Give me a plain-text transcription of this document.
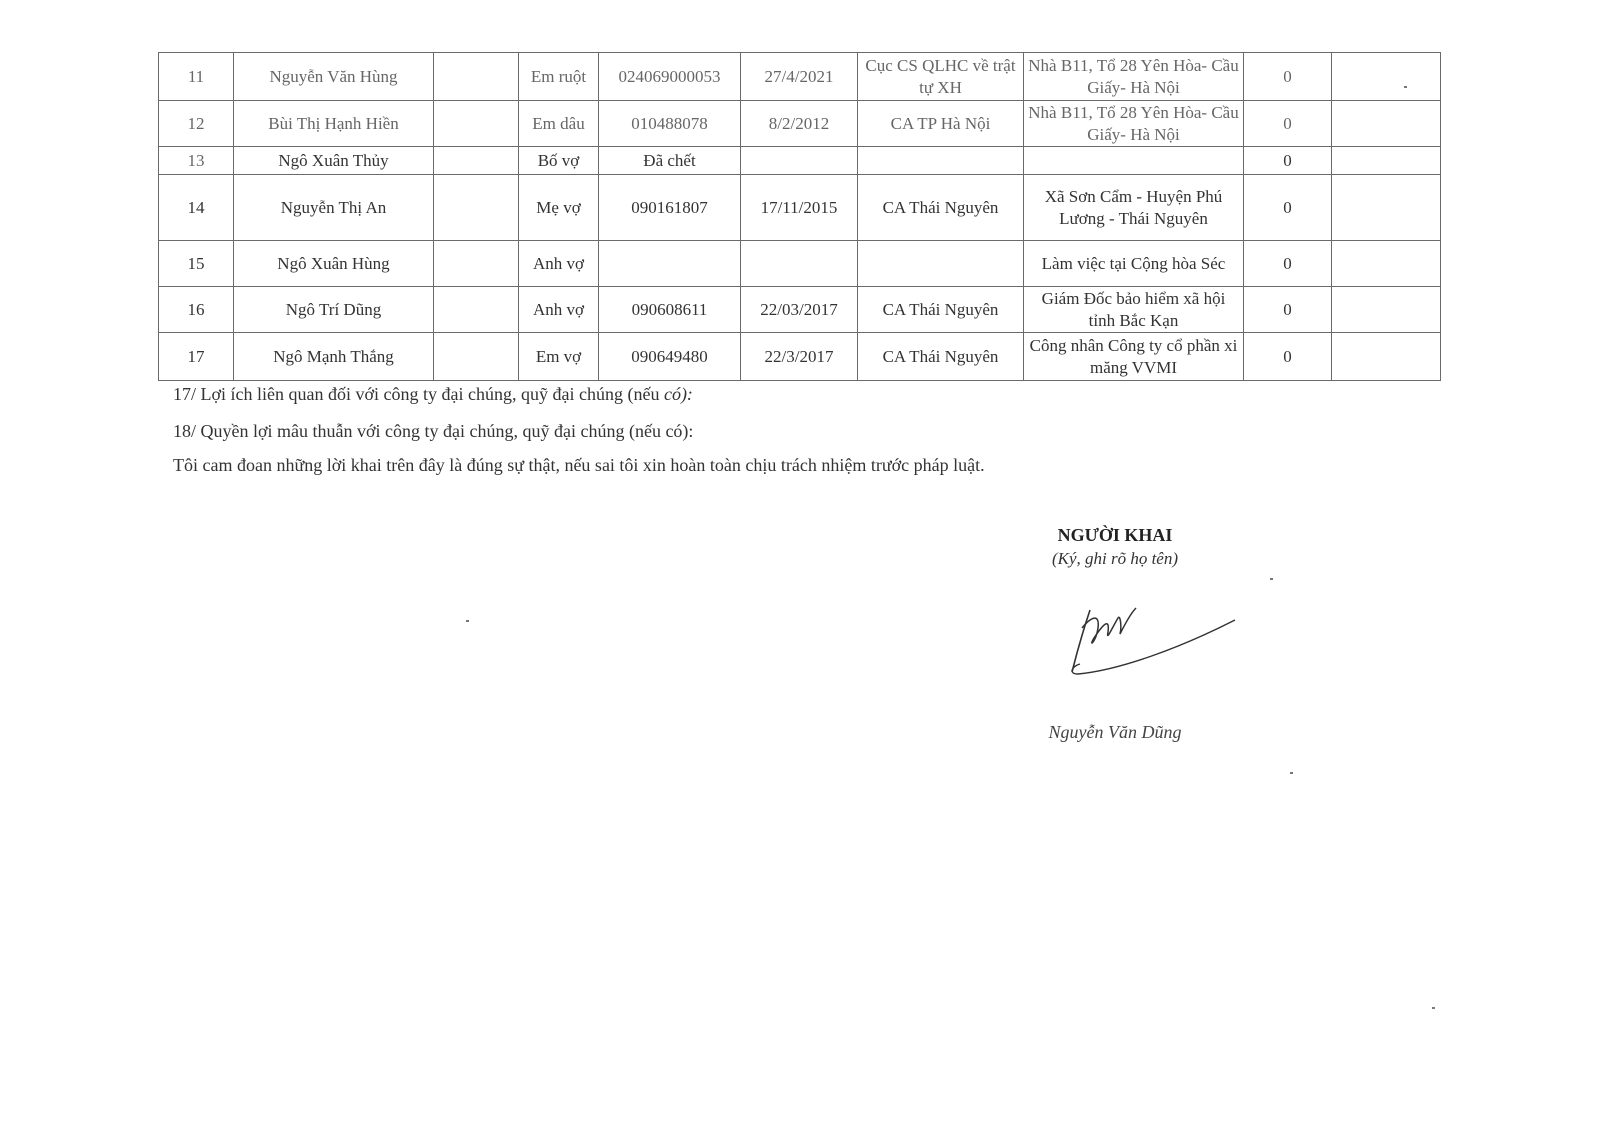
11	Nguyễn Văn Hùng		Em ruột	024069000053	27/4/2021	Cục CS QLHC về trật tự XH	Nhà B11, Tổ 28 Yên Hòa- Cầu Giấy- Hà Nội	0	
12	Bùi Thị Hạnh Hiền		Em dâu	010488078	8/2/2012	CA TP Hà Nội	Nhà B11, Tổ 28 Yên Hòa- Cầu Giấy- Hà Nội	0	
13	Ngô Xuân Thủy		Bố vợ	Đã chết				0	
14	Nguyễn Thị An		Mẹ vợ	090161807	17/11/2015	CA Thái Nguyên	Xã Sơn Cẩm - Huyện Phú Lương - Thái Nguyên	0	
15	Ngô Xuân Hùng		Anh vợ				Làm việc tại Cộng hòa Séc	0	
16	Ngô Trí Dũng		Anh vợ	090608611	22/03/2017	CA Thái Nguyên	Giám Đốc bảo hiểm xã hội tỉnh Bắc Kạn	0	
17	Ngô Mạnh Thắng		Em vợ	090649480	22/3/2017	CA Thái Nguyên	Công nhân Công ty cổ phần xi măng VVMI	0	
17/ Lợi ích liên quan đối với công ty đại chúng, quỹ đại chúng (nếu có):
18/ Quyền lợi mâu thuẫn với công ty đại chúng, quỹ đại chúng (nếu có):
Tôi cam đoan những lời khai trên đây là đúng sự thật, nếu sai tôi xin hoàn toàn chịu trách nhiệm trước pháp luật.
NGƯỜI KHAI
(Ký, ghi rõ họ tên)
Nguyễn Văn Dũng
